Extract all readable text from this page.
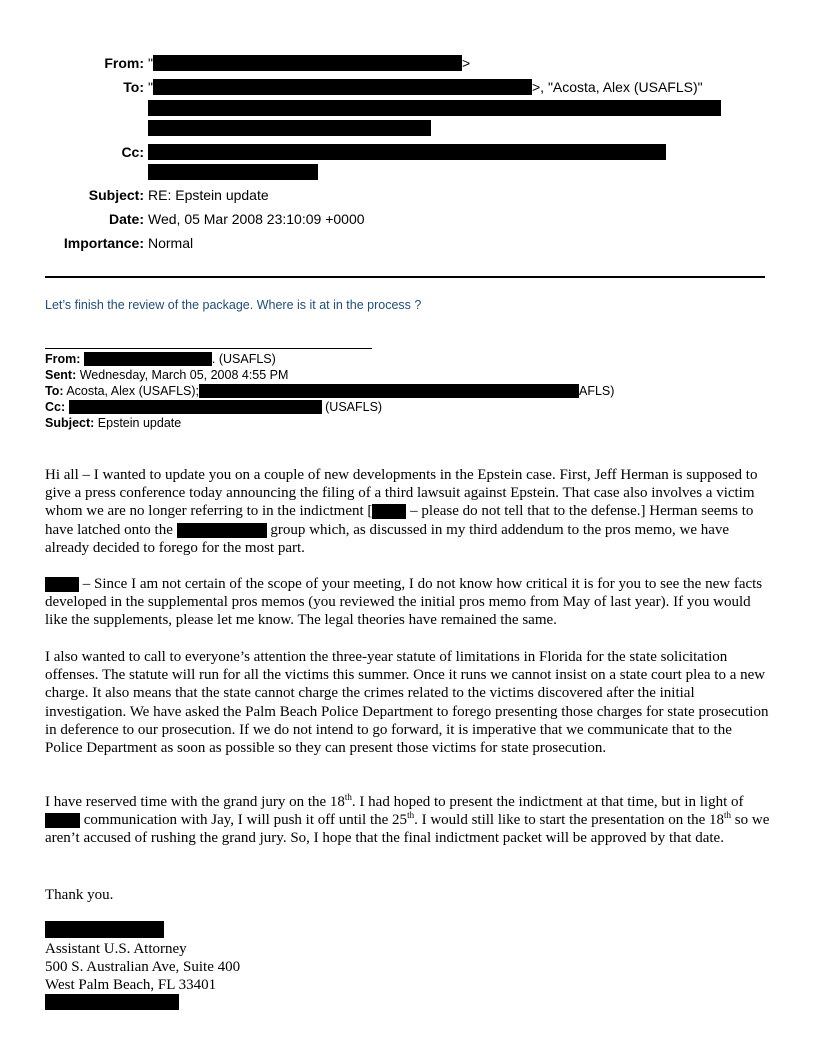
From: "	>
To: "	>, "Acosta, Alex (USAFLS)"
Cc:
Subject: RE: Epstein update
Date: Wed, 05 Mar 2008 23:10:09 +0000
Importance: Normal
Let’s finish the review of the package. Where is it at in the process ?
From:	. (USAFLS)
Sent: Wednesday, March 05, 2008 4:55 PM
To: Acosta, Alex (USAFLS);	AFLS)
Cc:	(USAFLS)
Subject: Epstein update

Hi all – I wanted to update you on a couple of new developments in the Epstein case. First, Jeff Herman is supposed to give a press conference today announcing the filing of a third lawsuit against Epstein. That case also involves a victim whom we are no longer referring to in the indictment [ – please do not tell that to the defense.] Herman seems to have latched onto the	group which, as discussed in my third addendum to the pros memo, we have already decided to forego for the most part.

– Since I am not certain of the scope of your meeting, I do not know how critical it is for you to see the new facts developed in the supplemental pros memos (you reviewed the initial pros memo from May of last year). If you would like the supplements, please let me know. The legal theories have remained the same.

I also wanted to call to everyone’s attention the three-year statute of limitations in Florida for the state solicitation offenses. The statute will run for all the victims this summer. Once it runs we cannot insist on a state court plea to a new charge. It also means that the state cannot charge the crimes related to the victims discovered after the initial investigation. We have asked the Palm Beach Police Department to forego presenting those charges for state prosecution in deference to our prosecution. If we do not intend to go forward, it is imperative that we communicate that to the Police Department as soon as possible so they can present those victims for state prosecution.

I have reserved time with the grand jury on the 18th. I had hoped to present the indictment at that time, but in light of  communication with Jay, I will push it off until the 25th. I would still like to start the presentation on the 18th so we aren’t accused of rushing the grand jury. So, I hope that the final indictment packet will be approved by that date.

Thank you.

Assistant U.S. Attorney
500 S. Australian Ave, Suite 400
West Palm Beach, FL 33401
